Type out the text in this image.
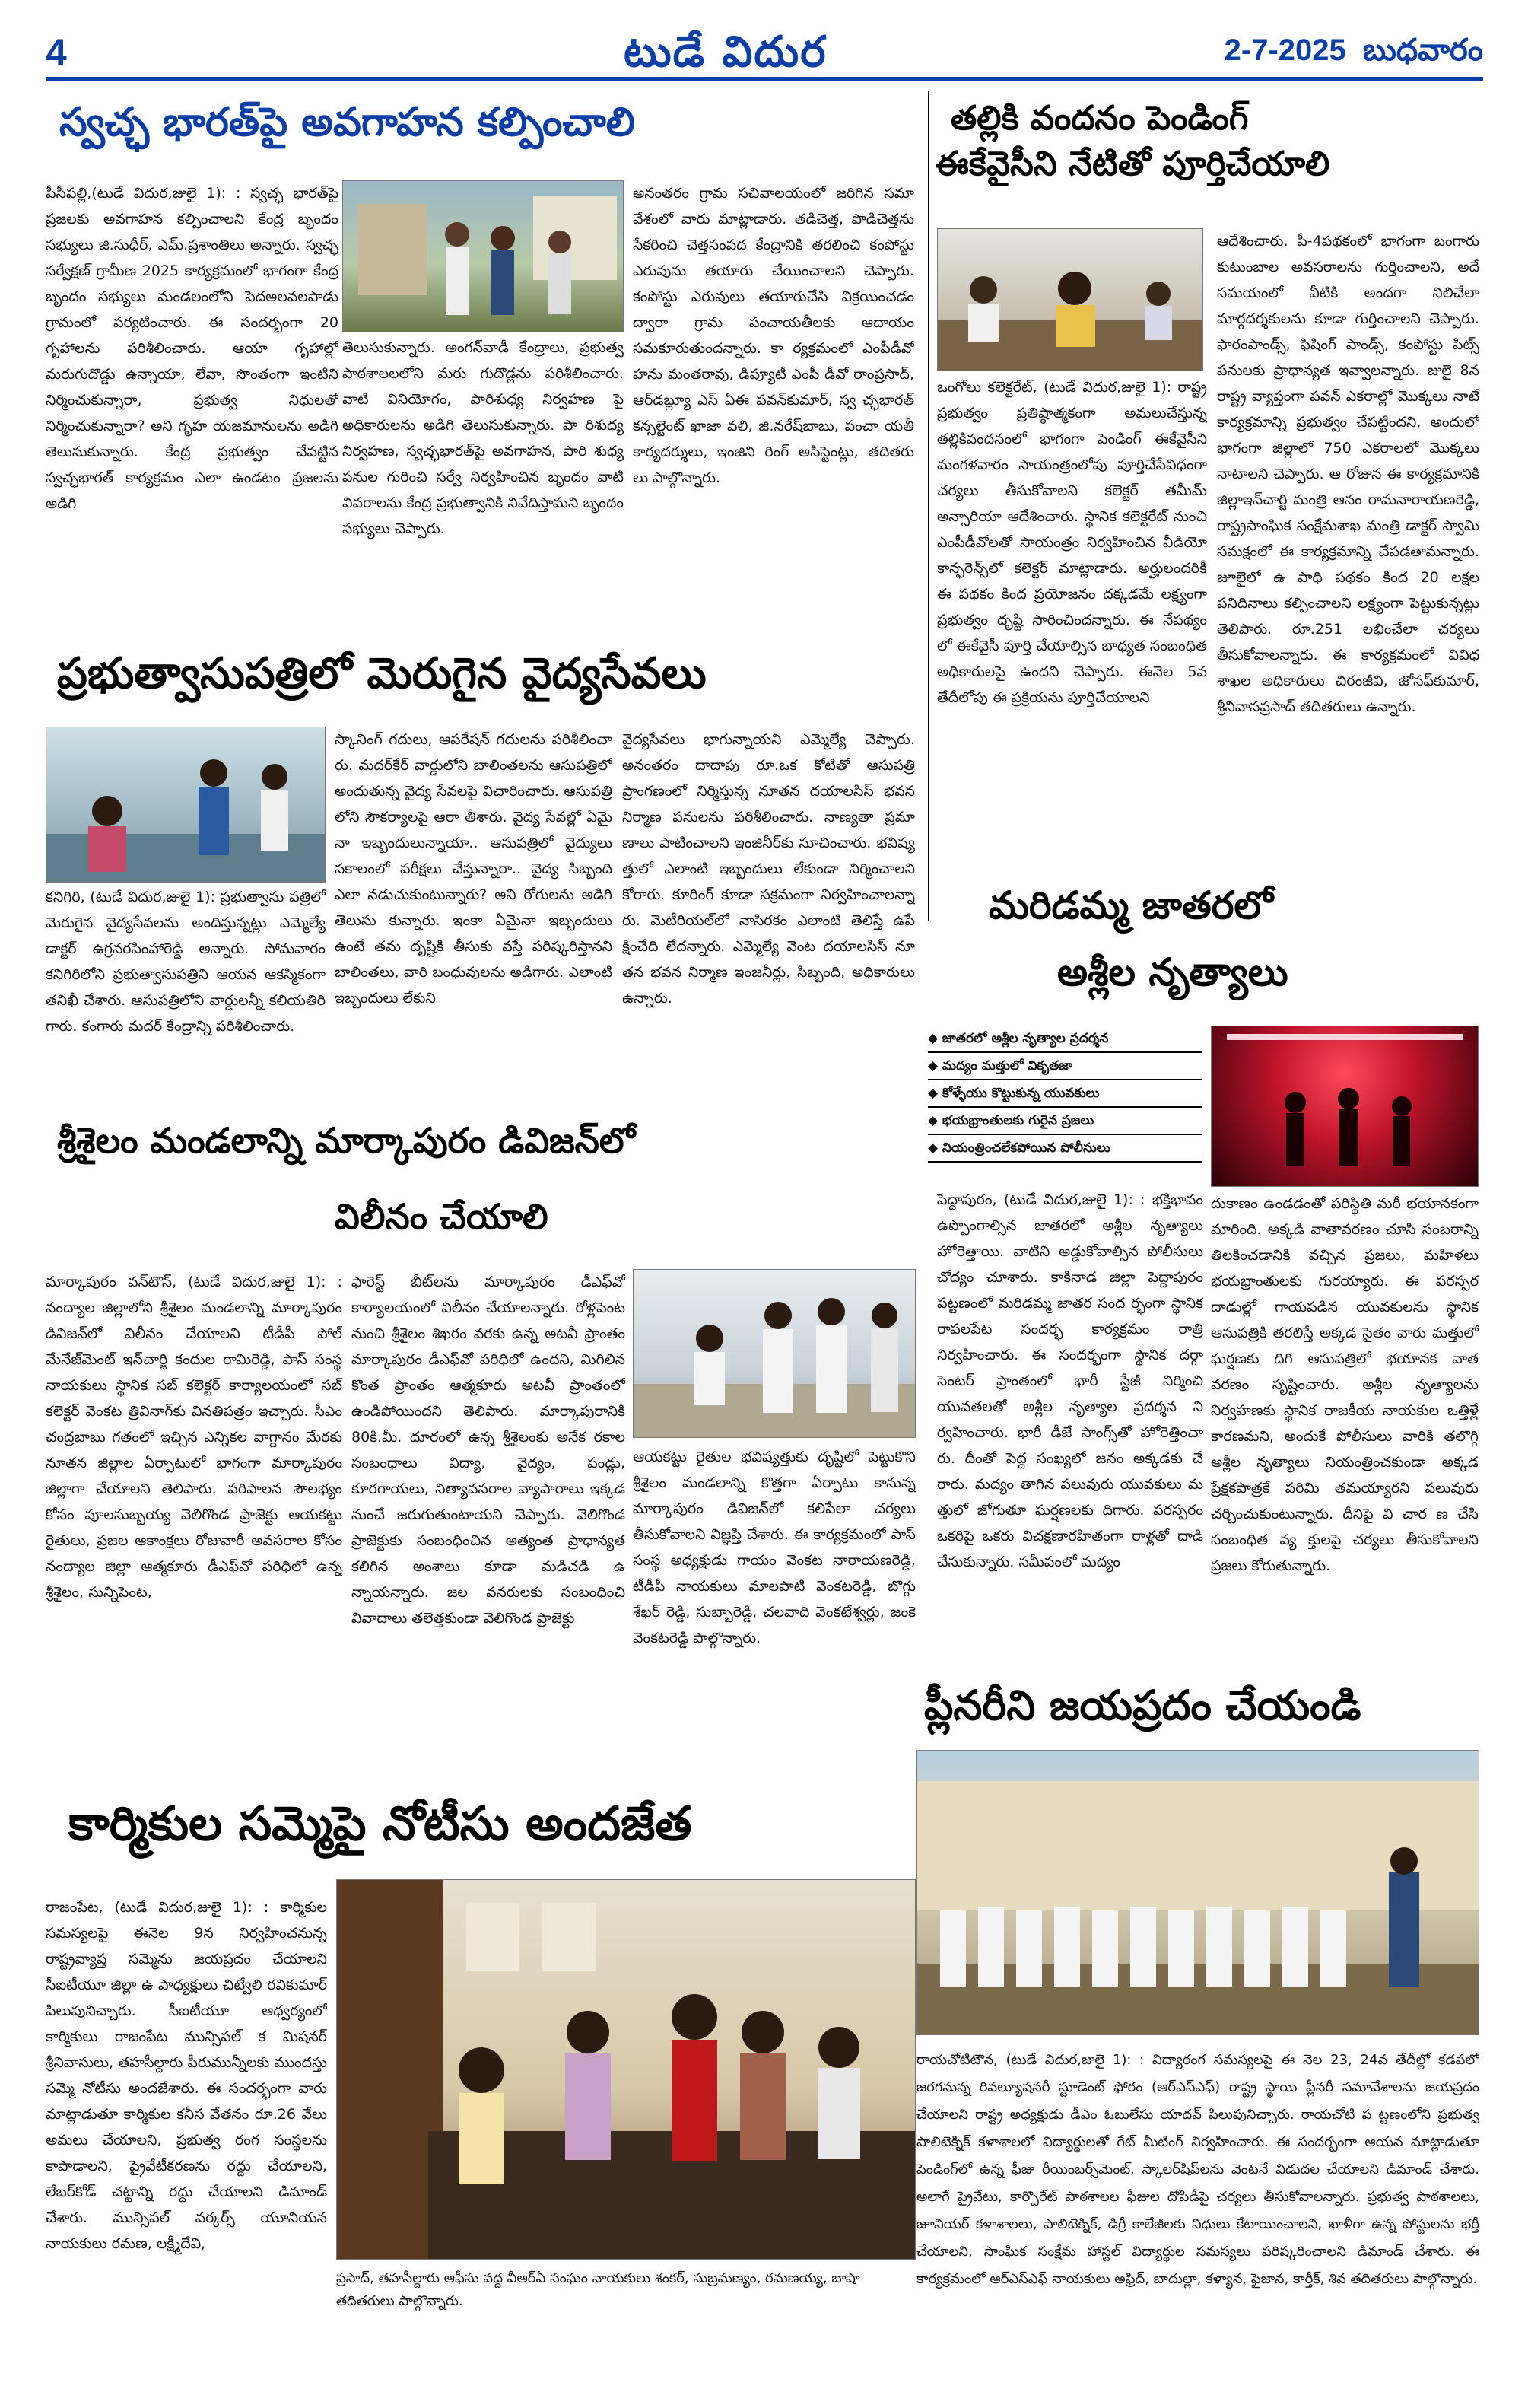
4	టుడే విదుర	2-7-2025 బుధవారం
స్వచ్ఛ భారత్‌పై అవగాహన కల్పించాలి
పీసీపల్లి,(టుడే విదుర,జులై 1): : స్వచ్ఛ భారత్‌పై ప్రజలకు అవగాహన కల్పించాలని కేంద్ర బృందం సభ్యులు జి.సుధీర్, ఎమ్.ప్రశాంతిలు అన్నారు. స్వచ్ఛ సర్వేక్షణ్ గ్రామీణ 2025 కార్యక్రమంలో భాగంగా కేంద్ర బృందం సభ్యులు మండలంలోని పెదఅలవలపాడు గ్రామంలో పర్యటించారు. ఈ సందర్భంగా 20 గృహాలను పరిశీలించారు. ఆయా గృహాల్లో మరుగుదొడ్డు ఉన్నాయా, లేవా, సొంతంగా ఇంటిని నిర్మించుకున్నారా, ప్రభుత్వ నిధులతో నిర్మించుకున్నారా? అని గృహ యజమానులను అడిగి తెలుసుకున్నారు. కేంద్ర ప్రభుత్వం చేపట్టిన స్వచ్ఛభారత్ కార్యక్రమం ఎలా ఉండటం ప్రజలను అడిగి
తెలుసుకున్నారు. అంగన్‌వాడీ కేంద్రాలు, ప్రభుత్వ పాఠశాలలలోని మరు గుదొడ్లను పరిశీలించారు. వాటి వినియోగం, పారిశుధ్య నిర్వహణ పై అధికారులను అడిగి తెలుసుకున్నారు. పా రిశుధ్య నిర్వహణ, స్వచ్ఛభారత్‌పై అవగాహన, పారి శుధ్య పనుల గురించి సర్వే నిర్వహించిన బృందం వాటి వివరాలను కేంద్ర ప్రభుత్వానికి నివేదిస్తామని బృందం సభ్యులు చెప్పారు.
అనంతరం గ్రామ సచివాలయంలో జరిగిన సమా వేశంలో వారు మాట్లాడారు. తడిచెత్త, పొడిచెత్తను సేకరించి చెత్తసంపద కేంద్రానికి తరలించి కంపోస్టు ఎరువును తయారు చేయించాలని చెప్పారు. కంపోస్టు ఎరువులు తయారుచేసి విక్రయించడం ద్వారా గ్రామ పంచాయతీలకు ఆదాయం సమకూరుతుందన్నారు. కా ర్యక్రమంలో ఎంపీడీవో హను మంతరావు, డిప్యూటీ ఎంపీ డీవో రాంప్రసాద్, ఆర్‌డబ్ల్యూ ఎస్ ఏఈ పవన్‌కుమార్, స్వ చ్ఛభారత్ కన్సల్టెంట్ ఖాజా వలి, జి.నరేష్‌బాబు, పంచా యతీ కార్యదర్శులు, ఇంజిని రింగ్ అసిస్టెంట్లు, తదితరు లు పాల్గొన్నారు.
తల్లికి వందనం పెండింగ్
ఈకేవైసీని నేటితో పూర్తిచేయాలి
ఒంగోలు కలెక్టరేట్, (టుడే విదుర,జులై 1): రాష్ట్ర ప్రభుత్వం ప్రతిష్ఠాత్మకంగా అమలుచేస్తున్న తల్లికివందనంలో భాగంగా పెండింగ్ ఈకేవైసీని మంగళవారం సాయంత్రంలోపు పూర్తిచేసేవిధంగా చర్యలు తీసుకోవాలని కలెక్టర్ తమీమ్ అన్సారియా ఆదేశించారు. స్థానిక కలెక్టరేట్ నుంచి ఎంపీడీవోలతో సాయంత్రం నిర్వహించిన వీడియో కాన్ఫరెన్స్‌లో కలెక్టర్ మాట్లాడారు. అర్హులందరికీ ఈ పథకం కింద ప్రయోజనం దక్కడమే లక్ష్యంగా ప్రభుత్వం దృష్టి సారించిందన్నారు. ఈ నేపథ్యం లో ఈకేవైసీ పూర్తి చేయాల్సిన బాధ్యత సంబంధిత అధికారులపై ఉందని చెప్పారు. ఈనెల 5వ తేదీలోపు ఈ ప్రక్రియను పూర్తిచేయాలని
ఆదేశించారు. పీ-4పథకంలో భాగంగా బంగారు కుటుంబాల అవసరాలను గుర్తించాలని, అదే సమయంలో వీటికి అందగా నిలిచేలా మార్గదర్శకులను కూడా గుర్తించాలని చెప్పారు. ఫారంపాండ్స్, ఫిషింగ్ పాండ్స్, కంపోస్టు పిట్స్ పనులకు ప్రాధాన్యత ఇవ్వాలన్నారు. జులై 8న రాష్ట్ర వ్యాప్తంగా పవన్ ఎకరాల్లో మొక్కలు నాటే కార్యక్రమాన్ని ప్రభుత్వం చేపట్టిందని, అందులో భాగంగా జిల్లాలో 750 ఎకరాలలో మొక్కలు నాటాలని చెప్పారు. ఆ రోజున ఈ కార్యక్రమానికి జిల్లాఇన్‌చార్జి మంత్రి ఆనం రామనారాయణరెడ్డి, రాష్ట్రసాంఘిక సంక్షేమశాఖ మంత్రి డాక్టర్ స్వామి సమక్షంలో ఈ కార్యక్రమాన్ని చేపడతామన్నారు. జూలైలో ఉ పాధి పథకం కింద 20 లక్షల పనిదినాలు కల్పించాలని లక్ష్యంగా పెట్టుకున్నట్లు తెలిపారు. రూ.251 లభించేలా చర్యలు తీసుకోవాలన్నారు. ఈ కార్యక్రమంలో వివిధ శాఖల అధికారులు చిరంజీవి, జోసఫ్‌కుమార్, శ్రీనివాసప్రసాద్ తదితరులు ఉన్నారు.
ప్రభుత్వాసుపత్రిలో మెరుగైన వైద్యసేవలు
కనిగిరి, (టుడే విదుర,జులై 1): ప్రభుత్వాసు పత్రిలో మెరుగైన వైద్యసేవలను అందిస్తున్నట్లు ఎమ్మెల్యే డాక్టర్ ఉగ్రనరసింహారెడ్డి అన్నారు. సోమవారం కనిగిరిలోని ప్రభుత్వాసుపత్రిని ఆయన ఆకస్మికంగా తనిఖీ చేశారు. ఆసుపత్రిలోని వార్డులన్నీ కలియతిరి గారు. కంగారు మదర్ కేంద్రాన్ని పరిశీలించారు.
స్కానింగ్ గదులు, ఆపరేషన్ గదులను పరిశీలించా రు. మదర్‌కేర్ వార్డులోని బాలింతలను ఆసుపత్రిలో అందుతున్న వైద్య సేవలపై విచారించారు. ఆసుపత్రి లోని సౌకర్యాలపై ఆరా తీశారు. వైద్య సేవల్లో ఏమై నా ఇబ్బందులున్నాయా.. ఆసుపత్రిలో వైద్యులు సకాలంలో పరీక్షలు చేస్తున్నారా.. వైద్య సిబ్బంది ఎలా నడుచుకుంటున్నారు? అని రోగులను అడిగి తెలుసు కున్నారు. ఇంకా ఏమైనా ఇబ్బందులు ఉంటే తమ దృష్టికి తీసుకు వస్తే పరిష్కరిస్తానని బాలింతలు, వారి బంధువులను అడిగారు. ఎలాంటి ఇబ్బందులు లేకుని
వైద్యసేవలు భాగున్నాయని ఎమ్మెల్యే చెప్పారు. అనంతరం దాదాపు రూ.ఒక కోటితో ఆసుపత్రి ప్రాంగణంలో నిర్మిస్తున్న నూతన దయాలసిస్ భవన నిర్మాణ పనులను పరిశీలించారు. నాణ్యతా ప్రమా ణాలు పాటించాలని ఇంజినీర్‌కు సూచించారు. భవిష్య త్తులో ఎలాంటి ఇబ్బందులు లేకుండా నిర్మించాలని కోరారు. కూరింగ్ కూడా సక్రమంగా నిర్వహించాలన్నా రు. మెటీరియల్‌లో నాసిరకం ఎలాంటి తెలిస్తే ఉపే క్షించేది లేదన్నారు. ఎమ్మెల్యే వెంట దయాలసిస్ నూ తన భవన నిర్మాణ ఇంజనీర్లు, సిబ్బంది, అధికారులు ఉన్నారు.
శ్రీశైలం మండలాన్ని మార్కాపురం డివిజన్‌లో
విలీనం చేయాలి
మార్కాపురం వన్‌టౌన్, (టుడే విదుర,జులై 1): : నంద్యాల జిల్లాలోని శ్రీశైలం మండలాన్ని మార్కాపురం డివిజన్‌లో విలీనం చేయాలని టీడీపీ పోల్ మేనేజ్‌మెంట్ ఇన్‌చార్జి కందుల రామిరెడ్డి, పాస్ సంస్థ నాయకులు స్థానిక సబ్ కలెక్టర్ కార్యాలయంలో సబ్ కలెక్టర్ వెంకట త్రివినాగ్‌కు వినతిపత్రం ఇచ్చారు. సీఎం చంద్రబాబు గతంలో ఇచ్చిన ఎన్నికల వాగ్దానం మేరకు నూతన జిల్లాల ఏర్పాటులో భాగంగా మార్కాపురం జిల్లాగా చేయాలని తెలిపారు. పరిపాలన సౌలభ్యం కోసం పూలసుబ్బయ్య వెలిగొండ ప్రాజెక్టు ఆయకట్టు రైతులు, ప్రజల ఆకాంక్షలు రోజువారీ అవసరాల కోసం నంద్యాల జిల్లా ఆత్మకూరు డీఎఫ్‌వో పరిధిలో ఉన్న శ్రీశైలం, సున్నిపెంట,
ఫారెస్ట్ బీట్‌లను మార్కాపురం డీఎఫ్‌వో కార్యాలయంలో విలీనం చేయాలన్నారు. రోళ్లపెంట నుంచి శ్రీశైలం శిఖరం వరకు ఉన్న అటవీ ప్రాంతం మార్కాపురం డీఎఫ్‌వో పరిధిలో ఉందని, మిగిలిన కొంత ప్రాంతం ఆత్మకూరు అటవీ ప్రాంతంలో ఉండిపోయిందని తెలిపారు. మార్కాపురానికి 80కి.మీ. దూరంలో ఉన్న శ్రీశైలంకు అనేక రకాల సంబంధాలు విద్యా, వైద్యం, పండ్లు, కూరగాయలు, నిత్యావసరాల వ్యాపారాలు ఇక్కడ నుంచే జరుగుతుంటాయని చెప్పారు. వెలిగొండ ప్రాజెక్టుకు సంబంధించిన అత్యంత ప్రాధాన్యత కలిగిన అంశాలు కూడా మడిచడి ఉ న్నాయన్నారు. జల వనరులకు సంబంధించి వివాదాలు తలెత్తకుండా వెలిగొండ ప్రాజెక్టు
ఆయకట్టు రైతుల భవిష్యత్తుకు దృష్టిలో పెట్టుకొని శ్రీశైలం మండలాన్ని కొత్తగా ఏర్పాటు కానున్న మార్కాపురం డివిజన్‌లో కలిపేలా చర్యలు తీసుకోవాలని విజ్ఞప్తి చేశారు. ఈ కార్యక్రమంలో పాస్ సంస్థ అధ్యక్షుడు గాయం వెంకట నారాయణరెడ్డి, టీడీపీ నాయకులు మాలపాటి వెంకటరెడ్డి, బొగ్గు శేఖర్ రెడ్డి, సుబ్బారెడ్డి, చలవాది వెంకటేశ్వర్లు, జంకె వెంకటరెడ్డి పాల్గొన్నారు.
మరిడమ్మ జాతరలో
అశ్లీల నృత్యాలు
◆ జాతరలో అశ్లీల నృత్యాల ప్రదర్శన
◆ మద్యం మత్తులో వికృతజా
◆ కోళ్ళేయు కొట్టుకున్న యువకులు
◆ భయభ్రాంతులకు గురైన ప్రజలు
◆ నియంత్రించలేకపోయిన పోలీసులు
పెద్దాపురం, (టుడే విదుర,జులై 1): : భక్తిభావం ఉప్పొంగాల్సిన జాతరలో అశ్లీల నృత్యాలు హోరెత్తాయి. వాటిని అడ్డుకోవాల్సిన పోలీసులు చోద్యం చూశారు. కాకినాడ జిల్లా పెద్దాపురం పట్టణంలో మరిడమ్మ జాతర సంద ర్భంగా స్థానిక రాపలపేట సందర్భ కార్యక్రమం రాత్రి నిర్వహించారు. ఈ సందర్భంగా స్థానిక దర్గా సెంటర్ ప్రాంతంలో భారీ స్టేజీ నిర్మించి యువతలతో అశ్లీల నృత్యాల ప్రదర్శన ని ర్వహించారు. భారీ డీజే సాంగ్స్‌తో హోరెత్తించా రు. దీంతో పెద్ద సంఖ్యలో జనం అక్కడకు చే రారు. మద్యం తాగిన పలువురు యువకులు మ త్తులో జోగుతూ ఘర్షణలకు దిగారు. పరస్పరం ఒకరిపై ఒకరు విచక్షణారహితంగా రాళ్లతో దాడి చేసుకున్నారు. సమీపంలో మద్యం
దుకాణం ఉండడంతో పరిస్థితి మరీ భయానకంగా మారింది. అక్కడి వాతావరణం చూసి సంబరాన్ని తిలకించడానికి వచ్చిన ప్రజలు, మహిళలు భయభ్రాంతులకు గురయ్యారు. ఈ పరస్పర దాడుల్లో గాయపడిన యువకులను స్థానిక ఆసుపత్రికి తరలిస్తే అక్కడ సైతం వారు మత్తులో ఘర్షణకు దిగి ఆసుపత్రిలో భయానక వాత వరణం సృష్టించారు. అశ్లీల నృత్యాలను నిర్వహణకు స్థానిక రాజకీయ నాయకుల ఒత్తిళ్లే కారణమని, అందుకే పోలీసులు వారికి తలొగ్గి అశ్లీల నృత్యాలు నియంత్రించకుండా అక్కడ ప్రేక్షకపాత్రకే పరిమి తమయ్యారని పలువురు చర్చించుకుంటున్నారు. దీనిపై వి చార ణ చేసి సంబంధిత వ్య క్తులపై చర్యలు తీసుకోవాలని ప్రజలు కోరుతున్నారు.
కార్మికుల సమ్మెపై నోటీసు అందజేత
రాజంపేట, (టుడే విదుర,జులై 1): : కార్మికుల సమస్యలపై ఈనెల 9న నిర్వహించనున్న రాష్ట్రవ్యాప్త సమ్మెను జయప్రదం చేయాలని సీఐటీయూ జిల్లా ఉ పాధ్యక్షులు చిట్వేలి రవికుమార్ పిలుపునిచ్చారు. సీఐటీయూ ఆధ్వర్యంలో కార్మికులు రాజంపేట మున్సిపల్ క మిషనర్ శ్రీనివాసులు, తహసీల్దారు పీరుమున్నీలకు ముందస్తు సమ్మె నోటీసు అందజేశారు. ఈ సందర్భంగా వారు మాట్లాడుతూ కార్మికుల కనీస వేతనం రూ.26 వేలు అమలు చేయాలని, ప్రభుత్వ రంగ సంస్థలను కాపాడాలని, ప్రైవేటీకరణను రద్దు చేయాలని, లేబర్‌కోడ్ చట్టాన్ని రద్దు చేయాలని డిమాండ్ చేశారు. మున్సిపల్ వర్కర్స్ యూనియన నాయకులు రమణ, లక్ష్మీదేవి,
ప్రసాద్, తహసీల్దారు ఆఫీసు వద్ద వీఆర్‌ఏ సంఘం నాయకులు శంకర్, సుబ్రమణ్యం, రమణయ్య, బాషా తదితరులు పాల్గొన్నారు.
ప్లీనరీని జయప్రదం చేయండి
రాయచోటిటౌన, (టుడే విదుర,జులై 1): : విద్యారంగ సమస్యలపై ఈ నెల 23, 24వ తేదీల్లో కడపలో జరగనున్న రివల్యూషనరీ స్టూడెంట్ ఫోరం (ఆర్ఎస్ఎఫ్) రాష్ట్ర స్థాయి ప్లీనరీ సమావేశాలను జయప్రదం చేయాలని రాష్ట్ర అధ్యక్షుడు డీఎం ఓబులేసు యాదవ్ పిలుపునిచ్చారు. రాయచోటి ప ట్టణంలోని ప్రభుత్వ పాలిటెక్నిక్ కళాశాలలో విద్యార్థులతో గేట్ మీటింగ్ నిర్వహించారు. ఈ సందర్భంగా ఆయన మాట్లాడుతూ పెండింగ్‌లో ఉన్న ఫీజు రీయింబర్స్‌మెంట్, స్కాలర్‌షిప్‌లను వెంటనే విడుదల చేయాలని డిమాండ్ చేశారు. అలాగే ప్రైవేటు, కార్పొరేట్ పాఠశాలల ఫీజుల దోపిడీపై చర్యలు తీసుకోవాలన్నారు. ప్రభుత్వ పాఠశాలలు, జూనియర్ కళాశాలలు, పాలిటెక్నిక్, డిగ్రీ కాలేజీలకు నిధులు కేటాయించాలని, ఖాళీగా ఉన్న పోస్టులను భర్తీ చేయాలని, సాంఘిక సంక్షేమ హాస్టల్ విద్యార్థుల సమస్యలు పరిష్కరించాలని డిమాండ్ చేశారు. ఈ కార్యక్రమంలో ఆర్ఎస్ఎఫ్ నాయకులు అఫ్రిద్, బాదుల్లా, కళ్యాన, ఫైజాన, కార్తీక్, శివ తదితరులు పాల్గొన్నారు.
